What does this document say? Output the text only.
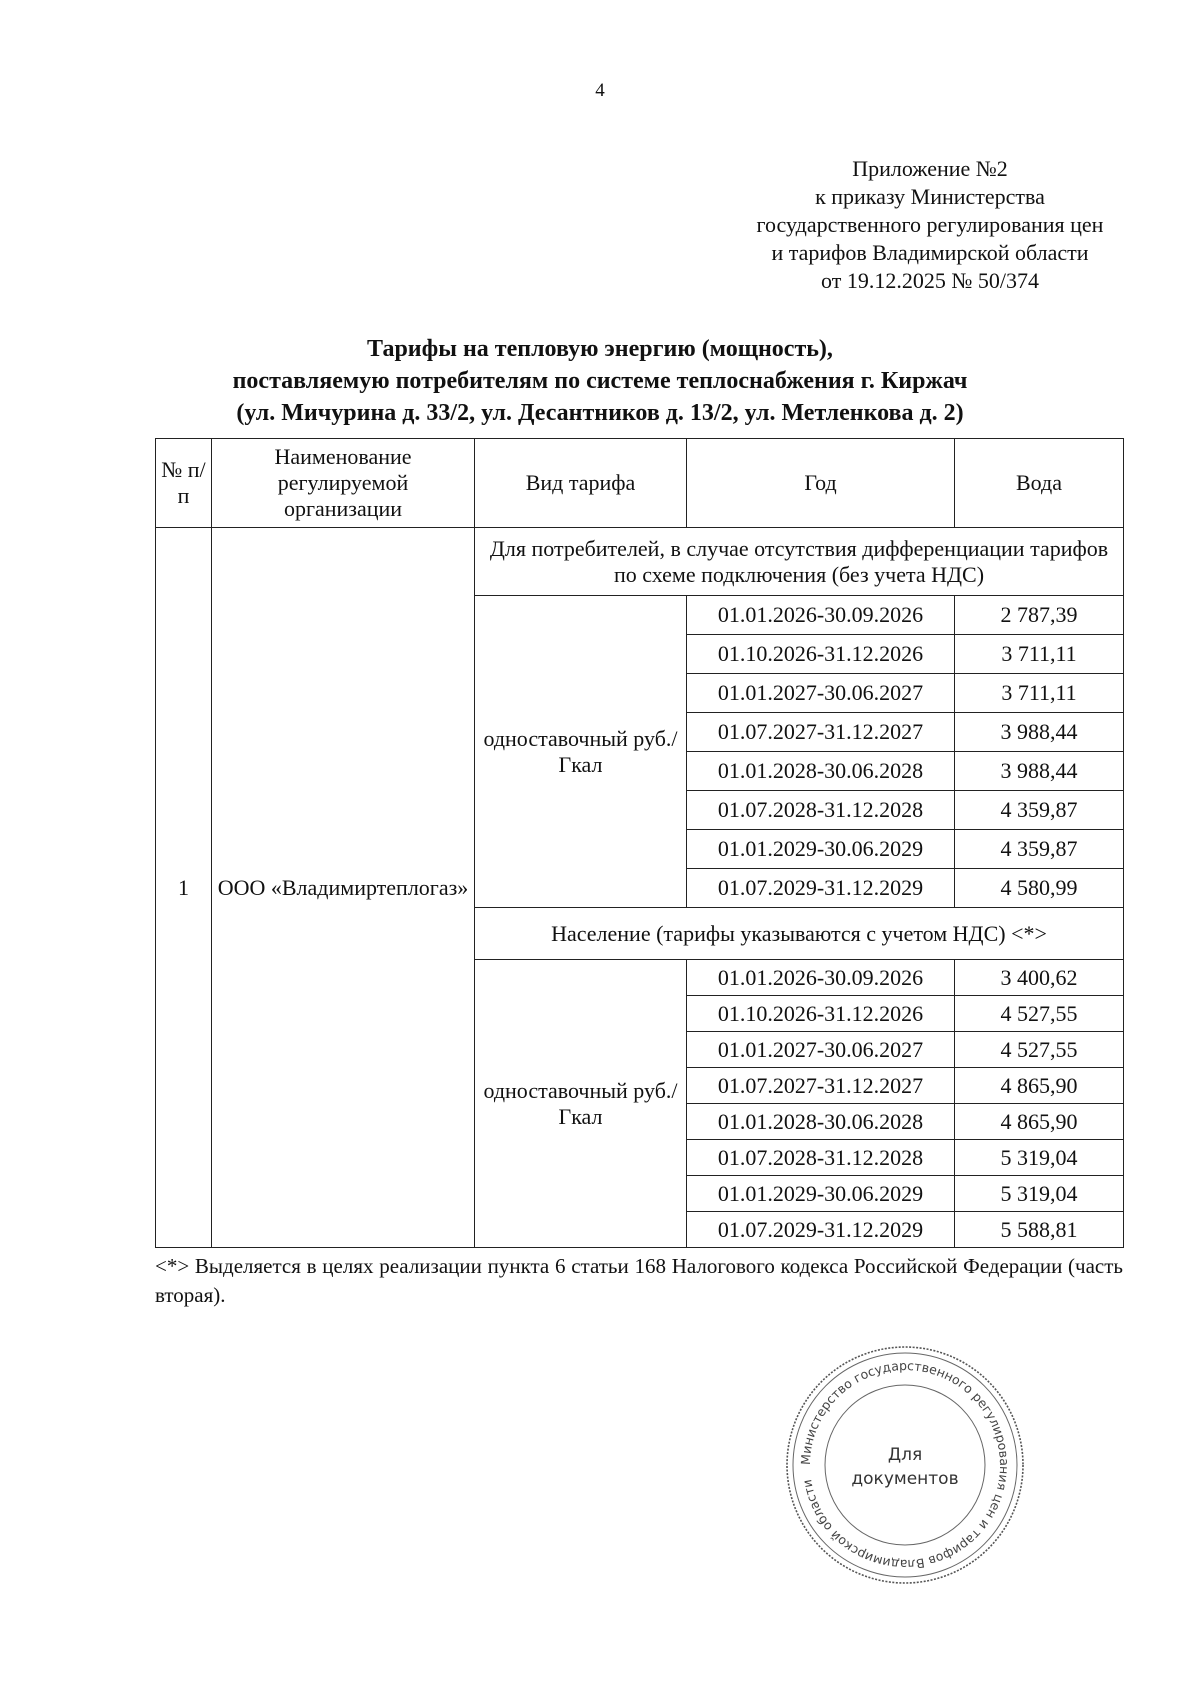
4
Приложение №2
к приказу Министерства
государственного регулирования цен
и тарифов Владимирской области
от 19.12.2025 № 50/374
Тарифы на тепловую энергию (мощность),
поставляемую потребителям по системе теплоснабжения г. Киржач
(ул. Мичурина д. 33/2, ул. Десантников д. 13/2, ул. Метленкова д. 2)
№ п/п	Наименование регулируемой организации	Вид тарифа	Год	Вода
1	ООО «Владимиртеплогаз»	Для потребителей, в случае отсутствия дифференциации тарифов по схеме подключения (без учета НДС)		
		одноставочный руб./Гкал	01.01.2026-30.09.2026	2 787,39
			01.10.2026-31.12.2026	3 711,11
			01.01.2027-30.06.2027	3 711,11
			01.07.2027-31.12.2027	3 988,44
			01.01.2028-30.06.2028	3 988,44
			01.07.2028-31.12.2028	4 359,87
			01.01.2029-30.06.2029	4 359,87
			01.07.2029-31.12.2029	4 580,99
		Население (тарифы указываются с учетом НДС) <*>		
		одноставочный руб./Гкал	01.01.2026-30.09.2026	3 400,62
			01.10.2026-31.12.2026	4 527,55
			01.01.2027-30.06.2027	4 527,55
			01.07.2027-31.12.2027	4 865,90
			01.01.2028-30.06.2028	4 865,90
			01.07.2028-31.12.2028	5 319,04
			01.01.2029-30.06.2029	5 319,04
			01.07.2029-31.12.2029	5 588,81
<*> Выделяется в целях реализации пункта 6 статьи 168 Налогового кодекса Российской Федерации (часть вторая).
Министерство государственного регулирования цен и тарифов Владимирской области
Для
документов
